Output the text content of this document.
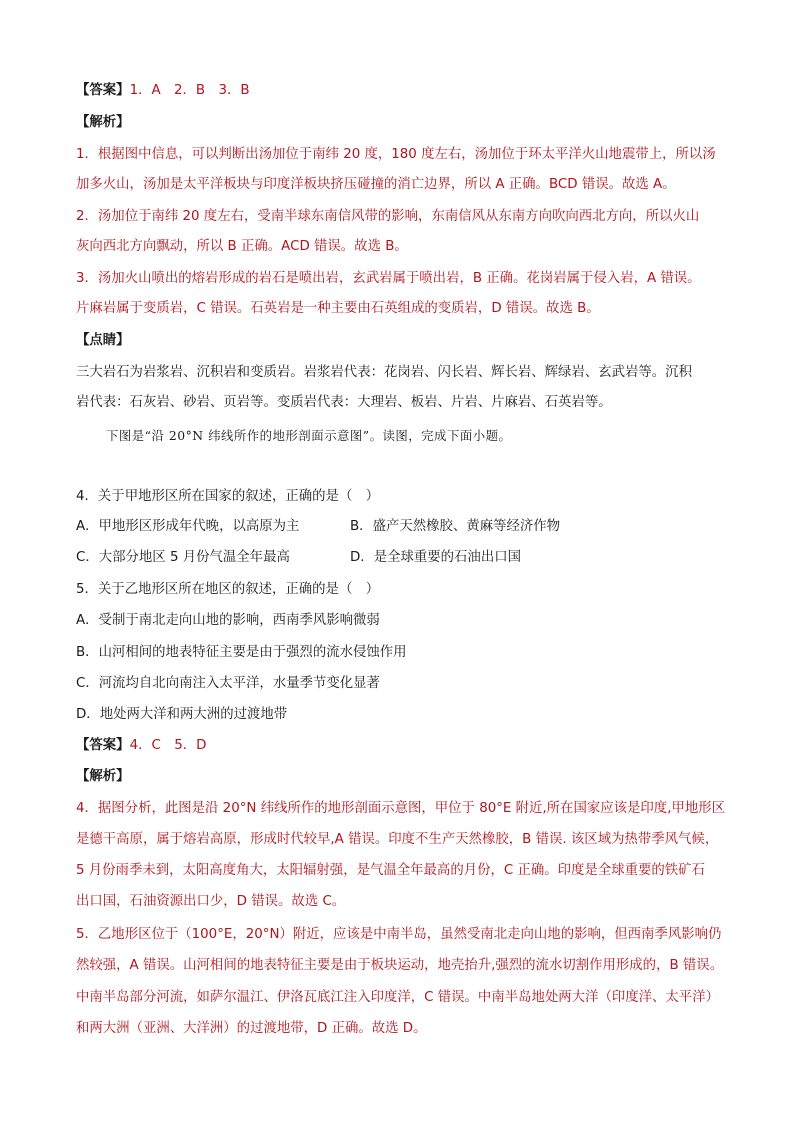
【答案】1．A　2．B　3．B
【解析】
1．根据图中信息，可以判断出汤加位于南纬 20 度，180 度左右，汤加位于环太平洋火山地震带上，所以汤
加多火山，汤加是太平洋板块与印度洋板块挤压碰撞的消亡边界，所以 A 正确。BCD 错误。故选 A。
2．汤加位于南纬 20 度左右，受南半球东南信风带的影响，东南信风从东南方向吹向西北方向，所以火山
灰向西北方向飘动，所以 B 正确。ACD 错误。故选 B。
3．汤加火山喷出的熔岩形成的岩石是喷出岩，玄武岩属于喷出岩，B 正确。花岗岩属于侵入岩，A 错误。
片麻岩属于变质岩，C 错误。石英岩是一种主要由石英组成的变质岩，D 错误。故选 B。
【点睛】
三大岩石为岩浆岩、沉积岩和变质岩。岩浆岩代表：花岗岩、闪长岩、辉长岩、辉绿岩、玄武岩等。沉积
岩代表：石灰岩、砂岩、页岩等。变质岩代表：大理岩、板岩、片岩、片麻岩、石英岩等。
下图是“沿 20°N 纬线所作的地形剖面示意图”。读图，完成下面小题。
4．关于甲地形区所在国家的叙述，正确的是（　）
A．甲地形区形成年代晚，以高原为主	B．盛产天然橡胶、黄麻等经济作物
C．大部分地区 5 月份气温全年最高	D．是全球重要的石油出口国
5．关于乙地形区所在地区的叙述，正确的是（　）
A．受制于南北走向山地的影响，西南季风影响微弱
B．山河相间的地表特征主要是由于强烈的流水侵蚀作用
C．河流均自北向南注入太平洋，水量季节变化显著
D．地处两大洋和两大洲的过渡地带
【答案】4．C　5．D
【解析】
4．据图分析，此图是沿 20°N 纬线所作的地形剖面示意图，甲位于 80°E 附近,所在国家应该是印度,甲地形区
是德干高原，属于熔岩高原，形成时代较早,A 错误。印度不生产天然橡胶，B 错误. 该区域为热带季风气候，
5 月份雨季未到，太阳高度角大，太阳辐射强，是气温全年最高的月份，C 正确。印度是全球重要的铁矿石
出口国，石油资源出口少，D 错误。故选 C。
5．乙地形区位于（100°E，20°N）附近，应该是中南半岛，虽然受南北走向山地的影响，但西南季风影响仍
然较强，A 错误。山河相间的地表特征主要是由于板块运动，地壳抬升,强烈的流水切割作用形成的，B 错误。
中南半岛部分河流，如萨尔温江、伊洛瓦底江注入印度洋，C 错误。中南半岛地处两大洋（印度洋、太平洋）
和两大洲（亚洲、大洋洲）的过渡地带，D 正确。故选 D。
